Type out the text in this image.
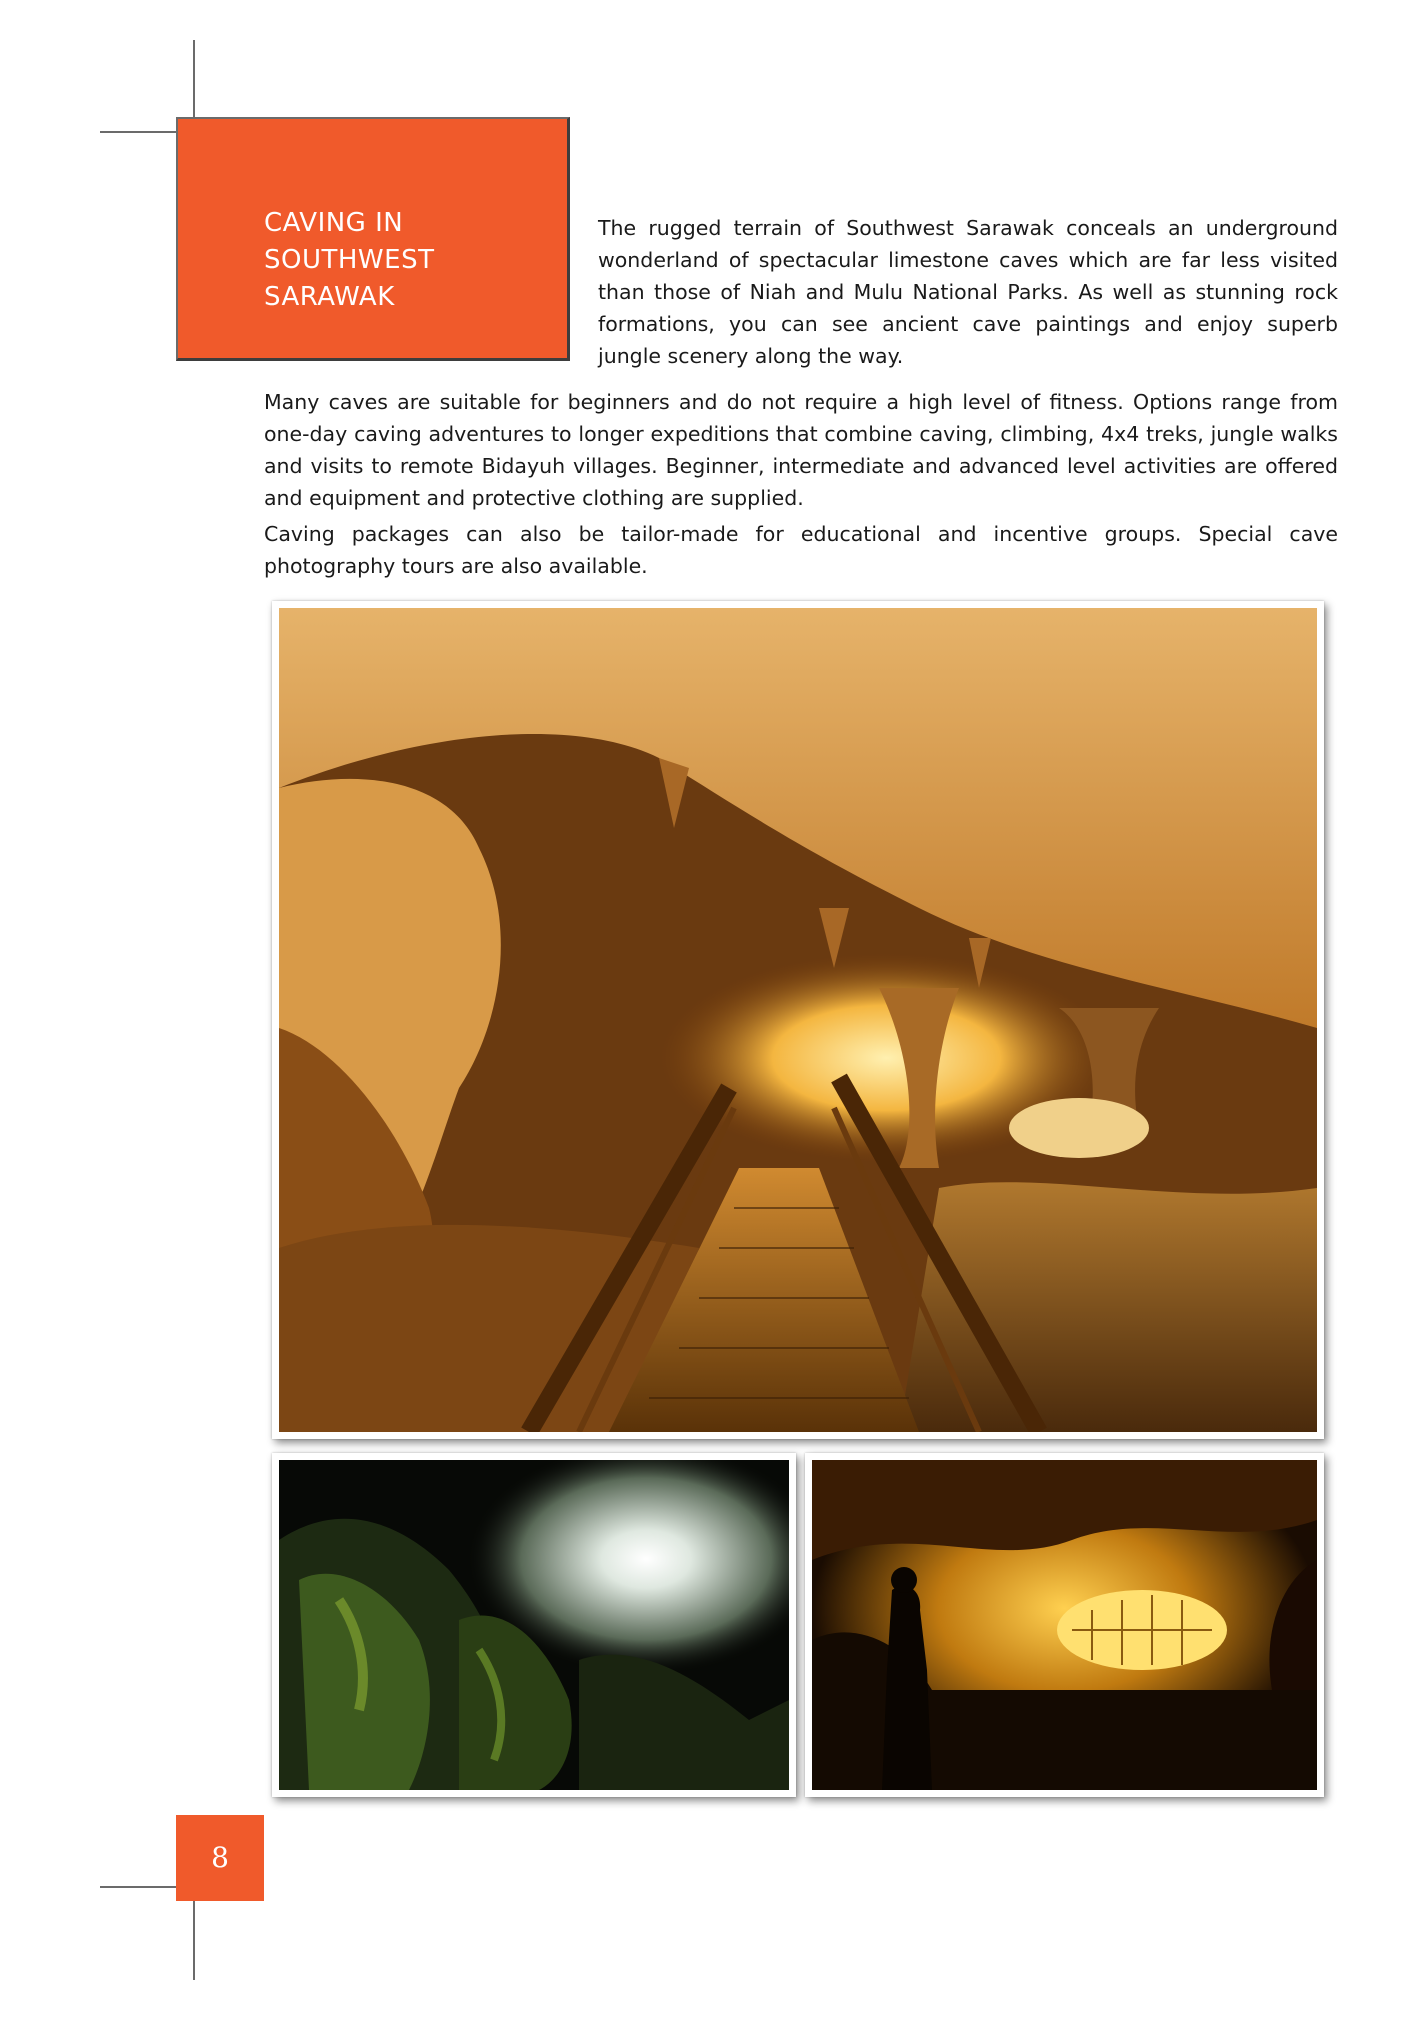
CAVING IN SOUTHWEST SARAWAK

The rugged terrain of Southwest Sarawak conceals an underground wonderland of spectacular limestone caves which are far less visited than those of Niah and Mulu National Parks. As well as stunning rock formations, you can see ancient cave paintings and enjoy superb jungle scenery along the way.

Many caves are suitable for beginners and do not require a high level of fitness. Options range from one-day caving adventures to longer expeditions that combine caving, climbing, 4x4 treks, jungle walks and visits to remote Bidayuh villages. Beginner, intermediate and advanced level activities are offered and equipment and protective clothing are supplied.

Caving packages can also be tailor-made for educational and incentive groups. Special cave photography tours are also available.

8
